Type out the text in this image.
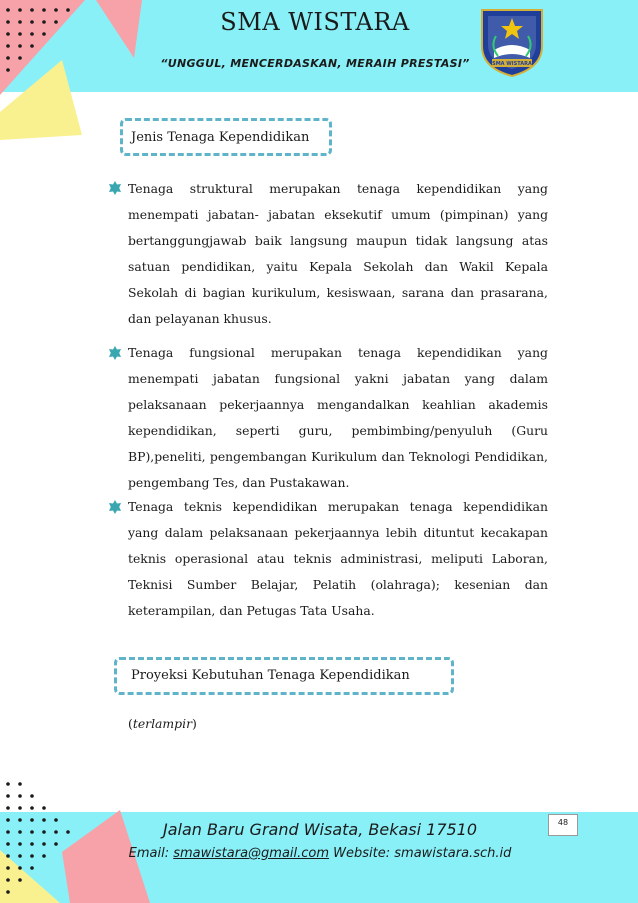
SMA WISTARA
“UNGGUL, MENCERDASKAN, MERAIH PRESTASI”	SMA WISTARA
Jenis Tenaga Kependidikan
Tenaga struktural merupakan tenaga kependidikan yang menempati jabatan- jabatan eksekutif umum (pimpinan) yang bertanggungjawab baik langsung maupun tidak langsung atas satuan pendidikan, yaitu Kepala Sekolah dan Wakil Kepala Sekolah di bagian kurikulum, kesiswaan, sarana dan prasarana, dan pelayanan khusus.
Tenaga fungsional merupakan tenaga kependidikan yang menempati jabatan fungsional yakni jabatan yang dalam pelaksanaan pekerjaannya mengandalkan keahlian akademis kependidikan, seperti guru, pembimbing/penyuluh (Guru BP),peneliti, pengembangan Kurikulum dan Teknologi Pendidikan, pengembang Tes, dan Pustakawan.
Tenaga teknis kependidikan merupakan tenaga kependidikan yang dalam pelaksanaan pekerjaannya lebih dituntut kecakapan teknis operasional atau teknis administrasi, meliputi Laboran, Teknisi Sumber Belajar, Pelatih (olahraga); kesenian dan keterampilan, dan Petugas Tata Usaha.
Proyeksi Kebutuhan Tenaga Kependidikan
(terlampir)
Jalan Baru Grand Wisata, Bekasi 17510
Email: smawistara@gmail.com Website: smawistara.sch.id
48
